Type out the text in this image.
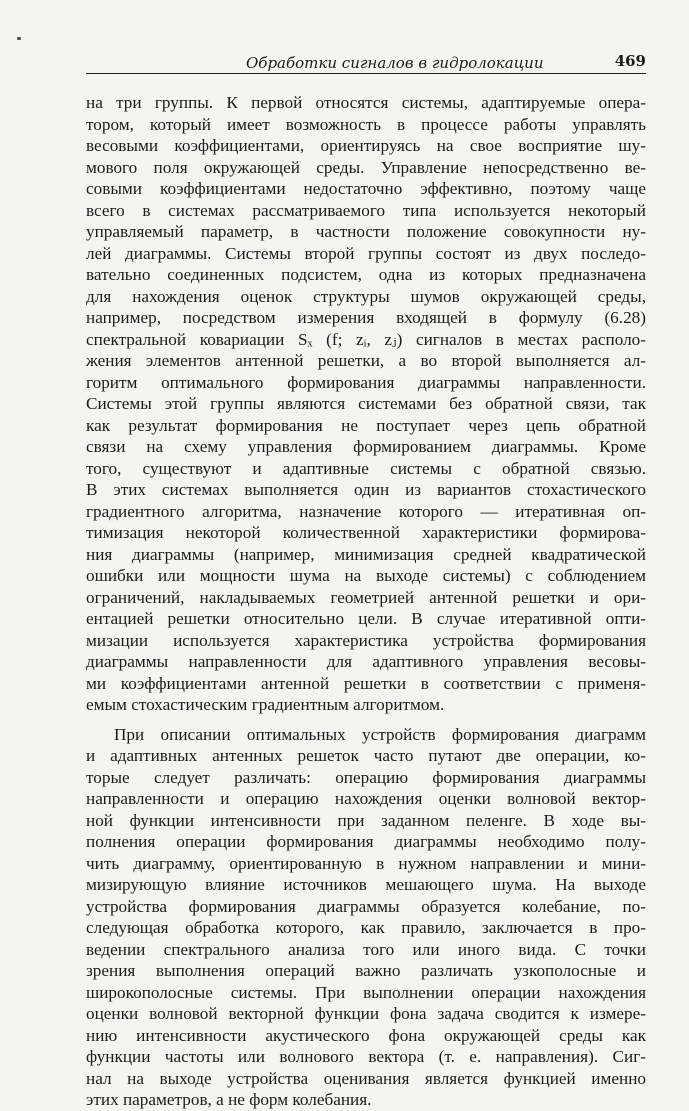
Обработки сигналов в гидролокации	469
на три группы. К первой относятся системы, адаптируемые опера-
тором, который имеет возможность в процессе работы управлять
весовыми коэффициентами, ориентируясь на свое восприятие шу-
мового поля окружающей среды. Управление непосредственно ве-
совыми коэффициентами недостаточно эффективно, поэтому чаще
всего в системах рассматриваемого типа используется некоторый
управляемый параметр, в частности положение совокупности ну-
лей диаграммы. Системы второй группы состоят из двух последо-
вательно соединенных подсистем, одна из которых предназначена
для нахождения оценок структуры шумов окружающей среды,
например, посредством измерения входящей в формулу (6.28)
спектральной ковариации Sₓ (f; zᵢ, zⱼ) сигналов в местах располо-
жения элементов антенной решетки, а во второй выполняется ал-
горитм оптимального формирования диаграммы направленности.
Системы этой группы являются системами без обратной связи, так
как результат формирования не поступает через цепь обратной
связи на схему управления формированием диаграммы. Кроме
того, существуют и адаптивные системы с обратной связью.
В этих системах выполняется один из вариантов стохастического
градиентного алгоритма, назначение которого — итеративная оп-
тимизация некоторой количественной характеристики формирова-
ния диаграммы (например, минимизация средней квадратической
ошибки или мощности шума на выходе системы) с соблюдением
ограничений, накладываемых геометрией антенной решетки и ори-
ентацией решетки относительно цели. В случае итеративной опти-
мизации используется характеристика устройства формирования
диаграммы направленности для адаптивного управления весовы-
ми коэффициентами антенной решетки в соответствии с применя-
емым стохастическим градиентным алгоритмом.
При описании оптимальных устройств формирования диаграмм
и адаптивных антенных решеток часто путают две операции, ко-
торые следует различать: операцию формирования диаграммы
направленности и операцию нахождения оценки волновой вектор-
ной функции интенсивности при заданном пеленге. В ходе вы-
полнения операции формирования диаграммы необходимо полу-
чить диаграмму, ориентированную в нужном направлении и мини-
мизирующую влияние источников мешающего шума. На выходе
устройства формирования диаграммы образуется колебание, по-
следующая обработка которого, как правило, заключается в про-
ведении спектрального анализа того или иного вида. С точки
зрения выполнения операций важно различать узкополосные и
широкополосные системы. При выполнении операции нахождения
оценки волновой векторной функции фона задача сводится к измере-
нию интенсивности акустического фона окружающей среды как
функции частоты или волнового вектора (т. е. направления). Сиг-
нал на выходе устройства оценивания является функцией именно
этих параметров, а не форм колебания.
